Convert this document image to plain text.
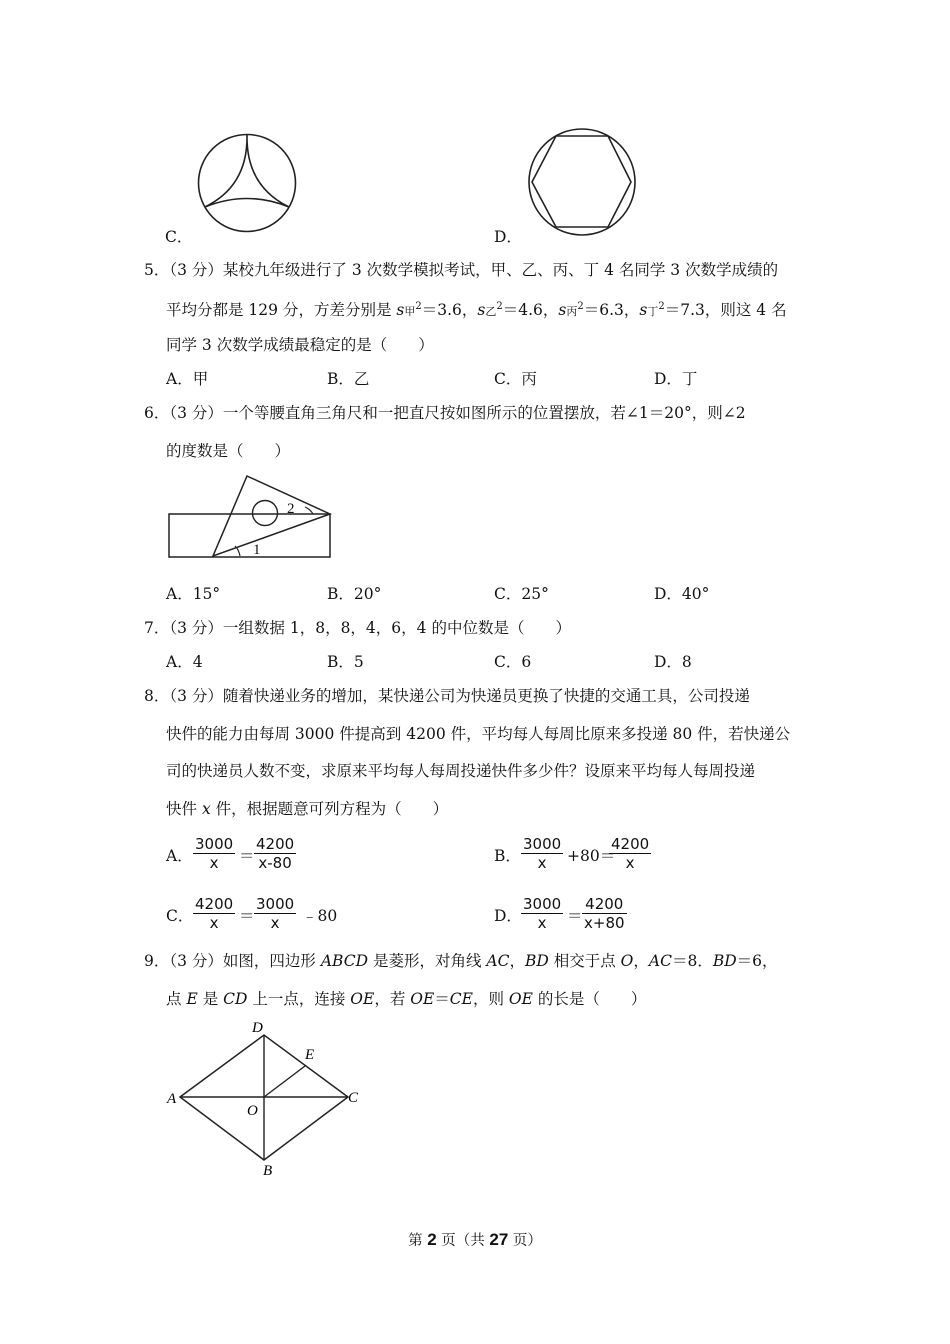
C．	D．
5．（3 分）某校九年级进行了 3 次数学模拟考试，甲、乙、丙、丁 4 名同学 3 次数学成绩的
平均分都是 129 分，方差分别是 s甲$^2$＝3.6，s乙$^2$＝4.6，s丙$^2$＝6.3，s丁$^2$＝7.3，则这 4 名
同学 3 次数学成绩最稳定的是（　　）
A．甲	B．乙	C．丙	D．丁
6．（3 分）一个等腰直角三角尺和一把直尺按如图所示的位置摆放，若∠1＝20°，则∠2
的度数是（　　）
1
2
A．15°	B．20°	C．25°	D．40°
7．（3 分）一组数据 1，8，8，4，6，4 的中位数是（　　）
A．4	B．5	C．6	D．8
8．（3 分）随着快递业务的增加，某快递公司为快递员更换了快捷的交通工具，公司投递
快件的能力由每周 3000 件提高到 4200 件，平均每人每周比原来多投递 80 件，若快递公
司的快递员人数不变，求原来平均每人每周投递快件多少件？设原来平均每人每周投递
快件 x 件，根据题意可列方程为（　　）
A． $\frac{3000}{x} = \frac{4200}{x-80}$	B． $\frac{3000}{x} +80=$
$\frac{4200}{x}$
C． $\frac{4200}{x} = \frac{3000}{x}$ ﹣80	D． $\frac{3000}{x} = \frac{4200}{x+80}$
9．（3 分）如图，四边形 ABCD 是菱形，对角线 AC，BD 相交于点 O，AC＝8．BD＝6，
点 E 是 CD 上一点，连接 OE，若 OE＝CE，则 OE 的长是（　　）
D
E
A	C
O
B
第 2 页（共 27 页）
